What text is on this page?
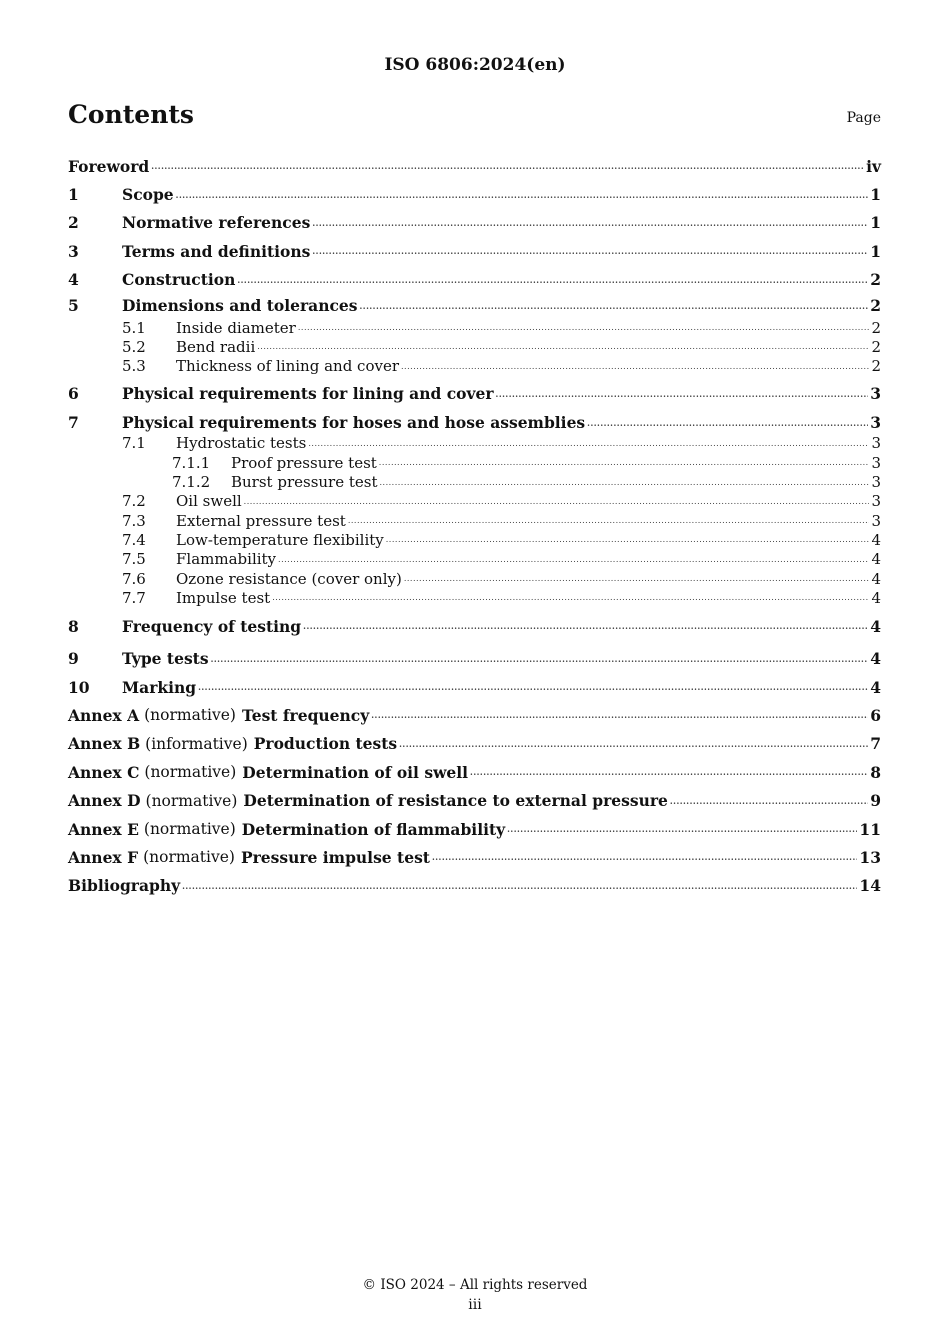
ISO 6806:2024(en)
Contents	Page
Foreword .....	iv
1	Scope .....	1
2	Normative references .....	1
3	Terms and definitions .....	1
4	Construction .....	2
5	Dimensions and tolerances .....	2
5.1	Inside diameter .....	2
5.2	Bend radii .....	2
5.3	Thickness of lining and cover .....	2
6	Physical requirements for lining and cover .....	3
7	Physical requirements for hoses and hose assemblies .....	3
7.1	Hydrostatic tests .....	3
7.1.1	Proof pressure test .....	3
7.1.2	Burst pressure test .....	3
7.2	Oil swell .....	3
7.3	External pressure test .....	3
7.4	Low-temperature flexibility .....	4
7.5	Flammability .....	4
7.6	Ozone resistance (cover only) .....	4
7.7	Impulse test .....	4
8	Frequency of testing .....	4
9	Type tests .....	4
10	Marking .....	4
Annex A (normative) Test frequency .....	6
Annex B (informative) Production tests .....	7
Annex C (normative) Determination of oil swell .....	8
Annex D (normative) Determination of resistance to external pressure .....	9
Annex E (normative) Determination of flammability .....	11
Annex F (normative) Pressure impulse test .....	13
Bibliography .....	14
© ISO 2024 – All rights reserved
iii
